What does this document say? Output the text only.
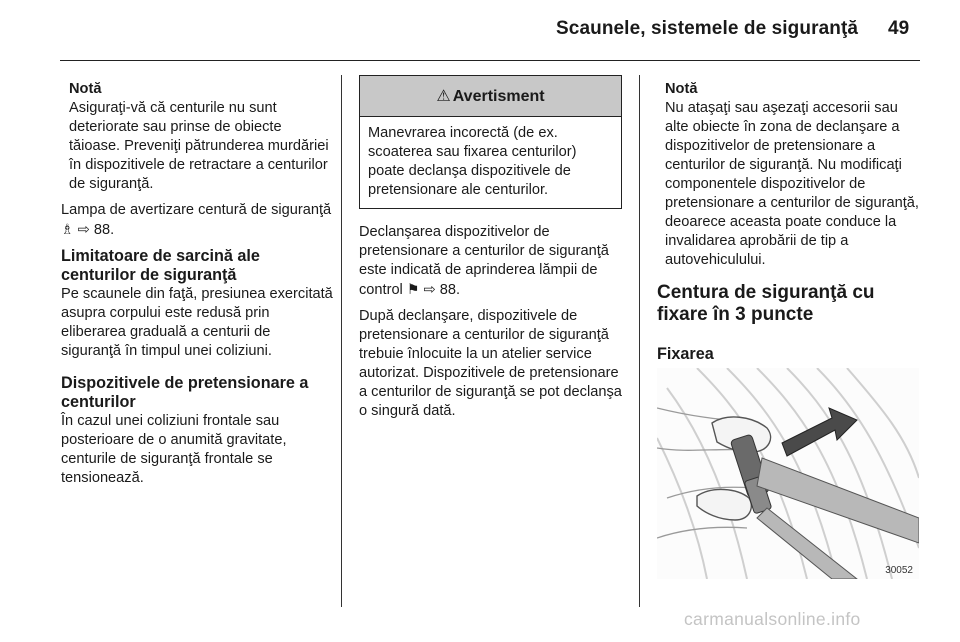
Scaunele, sistemele de siguranţă 49
Notă
Asiguraţi-vă că centurile nu sunt deteriorate sau prinse de obiecte tăioase. Preveniţi pătrunderea murdăriei în dispozitivele de retractare a centurilor de siguranţă.

Lampa de avertizare centură de siguranţă ♗ ⇨ 88.

Limitatoare de sarcină ale centurilor de siguranţă

Pe scaunele din faţă, presiunea exercitată asupra corpului este redusă prin eliberarea graduală a centurii de siguranţă în timpul unei coliziuni.

Dispozitivele de pretensionare a centurilor

În cazul unei coliziuni frontale sau posterioare de o anumită gravitate, centurile de siguranţă frontale se tensionează.

⚠ Avertisment
Manevrarea incorectă (de ex. scoaterea sau fixarea centurilor) poate declanşa dispozitivele de pretensionare ale centurilor.

Declanşarea dispozitivelor de pretensionare a centurilor de siguranţă este indicată de aprinderea lămpii de control ⚑ ⇨ 88.

După declanşare, dispozitivele de pretensionare a centurilor de siguranţă trebuie înlocuite la un atelier service autorizat. Dispozitivele de pretensionare a centurilor de siguranţă se pot declanşa o singură dată.

Notă
Nu ataşaţi sau aşezaţi accesorii sau alte obiecte în zona de declanşare a dispozitivelor de pretensionare a centurilor de siguranţă. Nu modificaţi componentele dispozitivelor de pretensionare a centurilor de siguranţă, deoarece aceasta poate conduce la invalidarea aprobării de tip a autovehiculului.
Centura de siguranţă cu fixare în 3 puncte
Fixarea
30052
carmanualsonline.info
